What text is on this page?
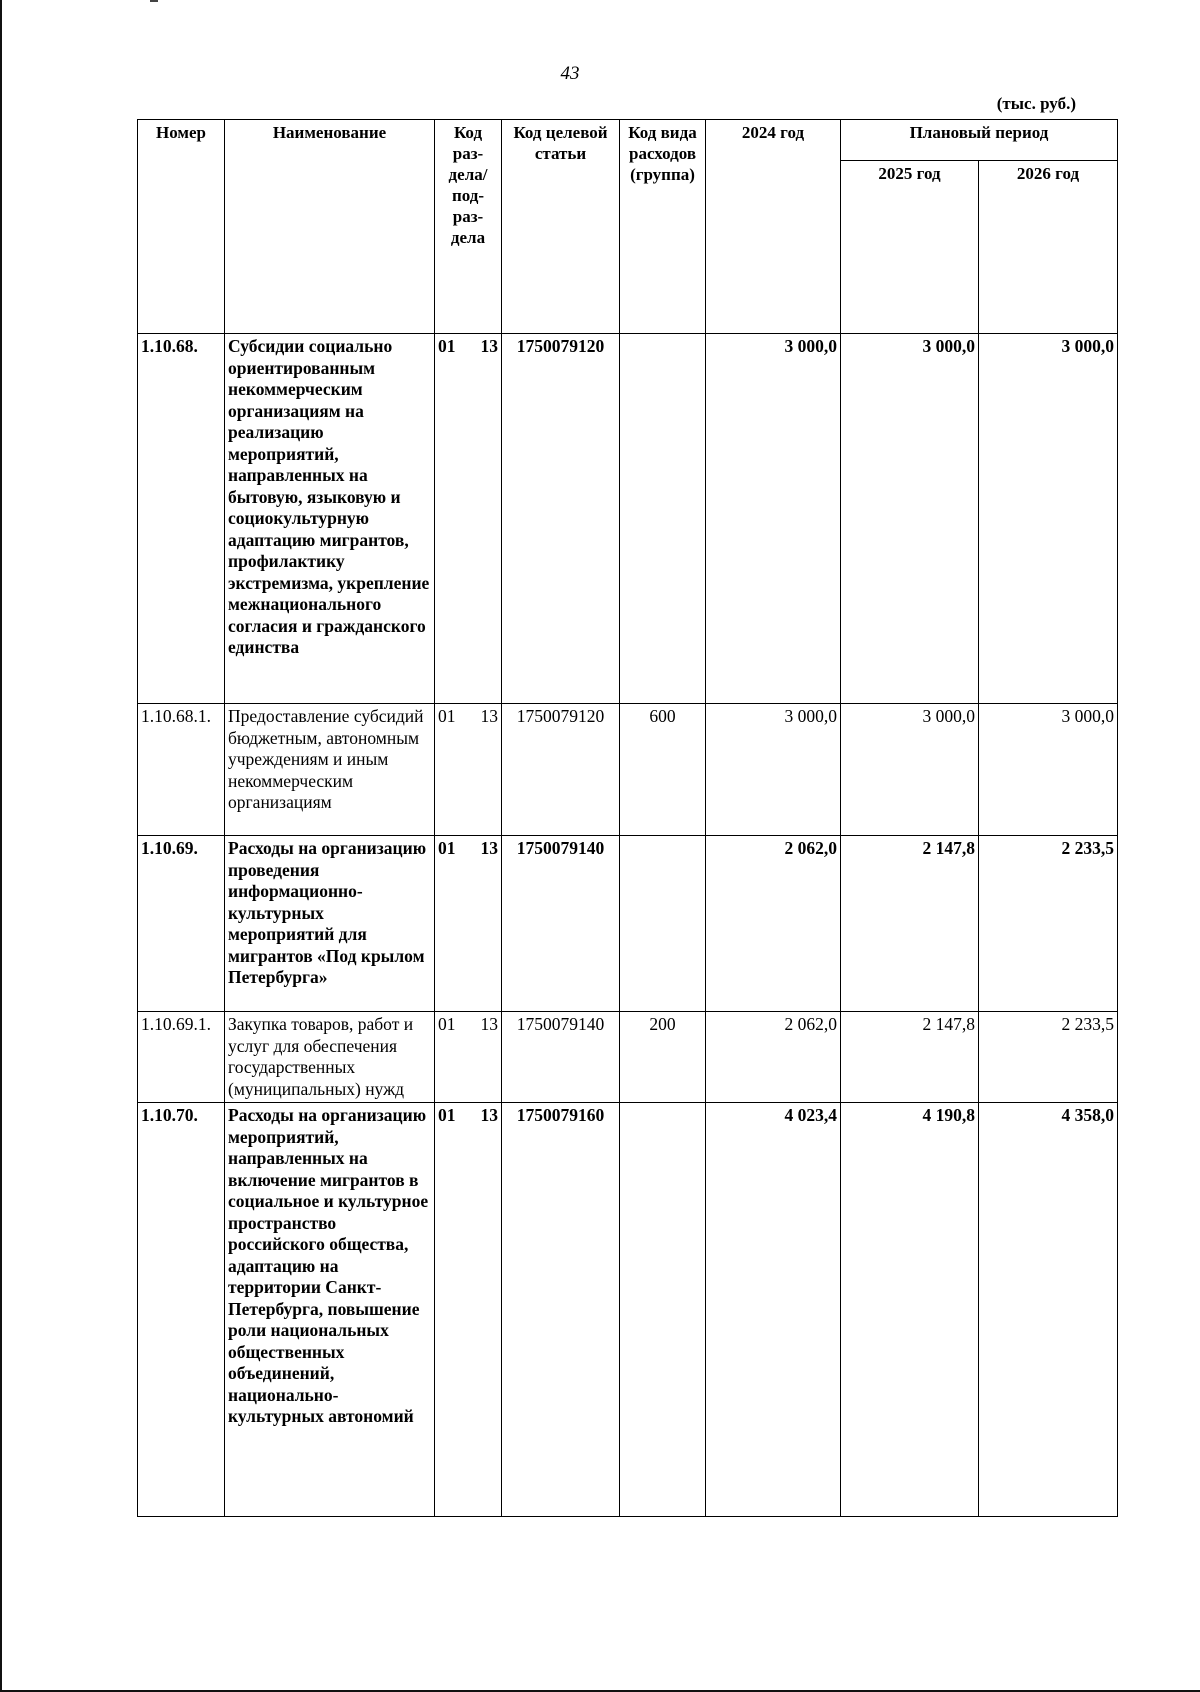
43
(тыс. руб.)
Номер	Наименование	Код раз-дела/ под-раз-дела	Код целевой статьи	Код вида расходов (группа)	2024 год	Плановый период	
						2025 год	2026 год
1.10.68.	Субсидии социально ориентированным некоммерческим организациям на реализацию мероприятий, направленных на бытовую, языковую и социокультурную адаптацию мигрантов, профилактику экстремизма, укрепление межнационального согласия и гражданского единства	01 13	1750079120		3 000,0	3 000,0	3 000,0
1.10.68.1.	Предоставление субсидий бюджетным, автономным учреждениям и иным некоммерческим организациям	01 13	1750079120	600	3 000,0	3 000,0	3 000,0
1.10.69.	Расходы на организацию проведения информационно-культурных мероприятий для мигрантов «Под крылом Петербурга»	01 13	1750079140		2 062,0	2 147,8	2 233,5
1.10.69.1.	Закупка товаров, работ и услуг для обеспечения государственных (муниципальных) нужд	01 13	1750079140	200	2 062,0	2 147,8	2 233,5
1.10.70.	Расходы на организацию мероприятий, направленных на включение мигрантов в социальное и культурное пространство российского общества, адаптацию на территории Санкт-Петербурга, повышение роли национальных общественных объединений, национально-культурных автономий	01 13	1750079160		4 023,4	4 190,8	4 358,0
